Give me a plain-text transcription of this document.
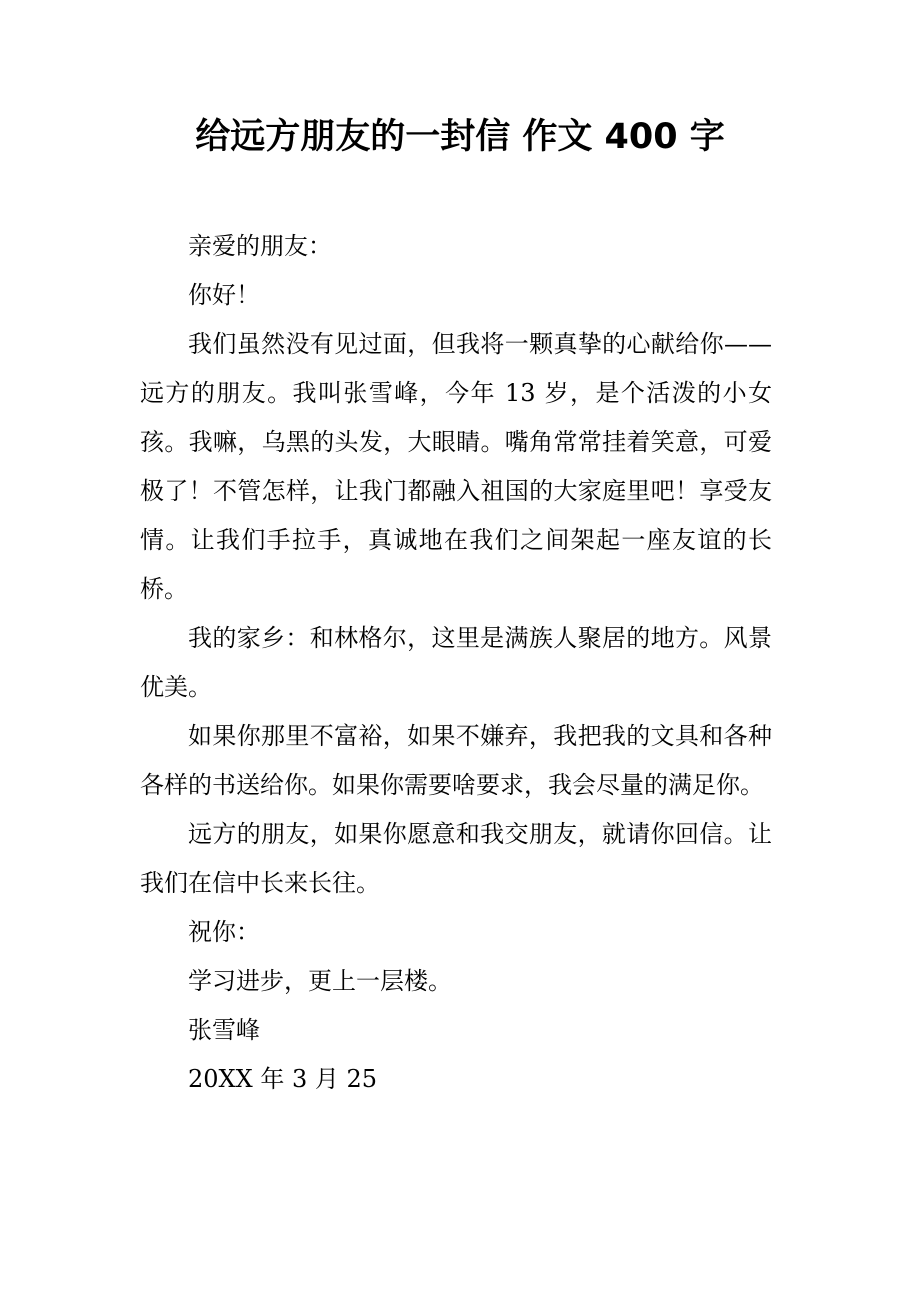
给远方朋友的一封信 作文 400 字

亲爱的朋友：

你好！

我们虽然没有见过面，但我将一颗真挚的心献给你——远方的朋友。我叫张雪峰，今年 13 岁，是个活泼的小女孩。我嘛，乌黑的头发，大眼睛。嘴角常常挂着笑意，可爱极了！不管怎样，让我门都融入祖国的大家庭里吧！享受友情。让我们手拉手，真诚地在我们之间架起一座友谊的长桥。

我的家乡：和林格尔，这里是满族人聚居的地方。风景优美。

如果你那里不富裕，如果不嫌弃，我把我的文具和各种各样的书送给你。如果你需要啥要求，我会尽量的满足你。

远方的朋友，如果你愿意和我交朋友，就请你回信。让我们在信中长来长往。

祝你：

学习进步，更上一层楼。

张雪峰

20XX 年 3 月 25
